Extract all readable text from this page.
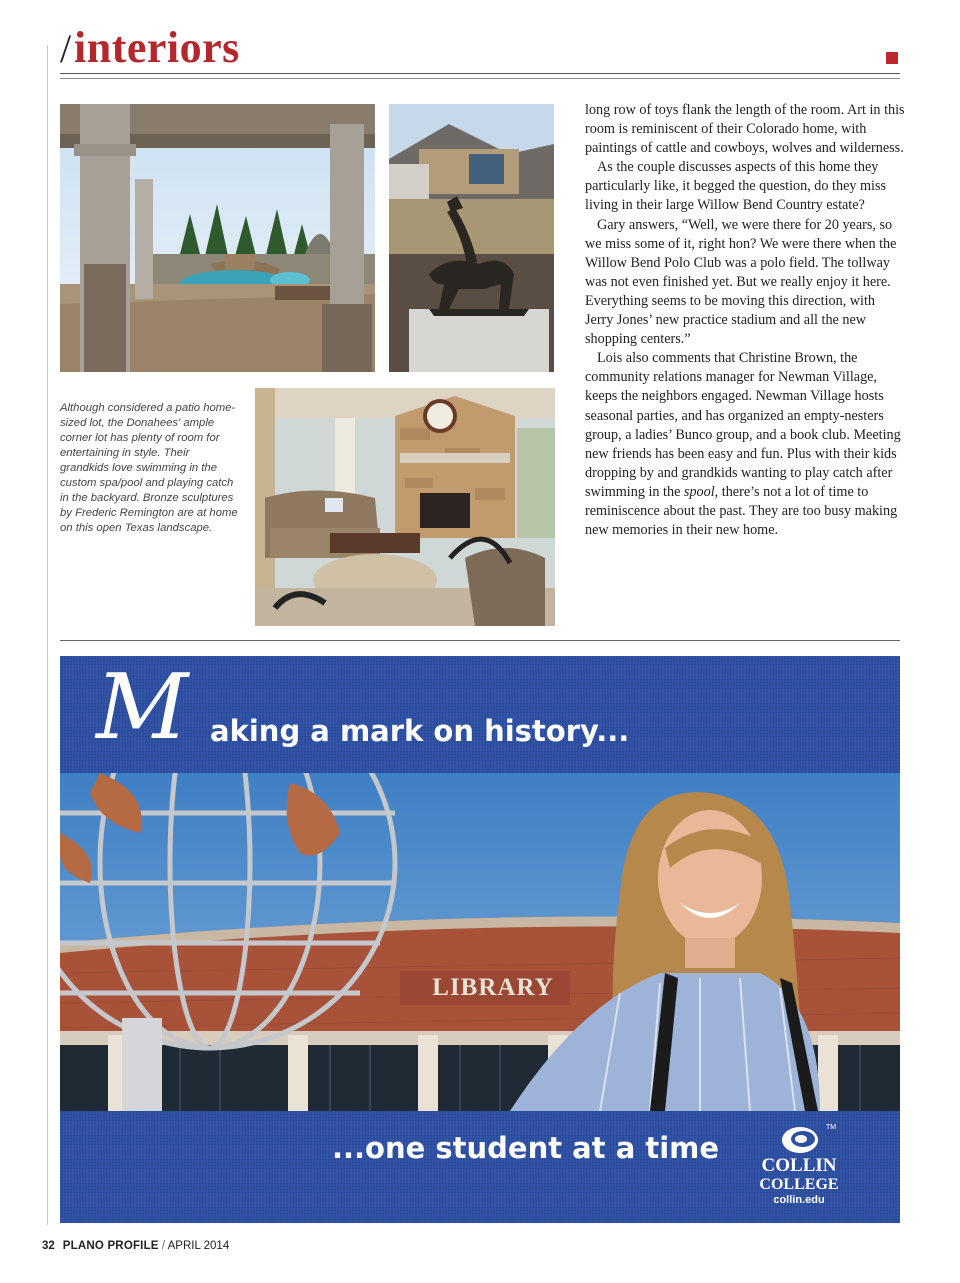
/ interiors
Although considered a patio home-sized lot, the Donahees' ample corner lot has plenty of room for entertaining in style. Their grandkids love swimming in the custom spa/pool and playing catch in the backyard. Bronze sculptures by Frederic Remington are at home on this open Texas landscape.

long row of toys flank the length of the room. Art in this room is reminiscent of their Colorado home, with paintings of cattle and cowboys, wolves and wilderness.

As the couple discusses aspects of this home they particularly like, it begged the question, do they miss living in their large Willow Bend Country estate?

Gary answers, “Well, we were there for 20 years, so we miss some of it, right hon? We were there when the Willow Bend Polo Club was a polo field. The tollway was not even finished yet. But we really enjoy it here. Everything seems to be moving this direction, with Jerry Jones’ new practice stadium and all the new shopping centers.”

Lois also comments that Christine Brown, the community relations manager for Newman Village, keeps the neighbors engaged. Newman Village hosts seasonal parties, and has organized an empty-nesters group, a ladies’ Bunco group, and a book club. Meeting new friends has been easy and fun. Plus with their kids dropping by and grandkids wanting to play catch after swimming in the spool, there’s not a lot of time to reminiscence about the past. They are too busy making new memories in their new home.

M aking a mark on history...
LIBRARY
...one student at a time
TM
COLLIN
COLLEGE
collin.edu
32 PLANO PROFILE / APRIL 2014
